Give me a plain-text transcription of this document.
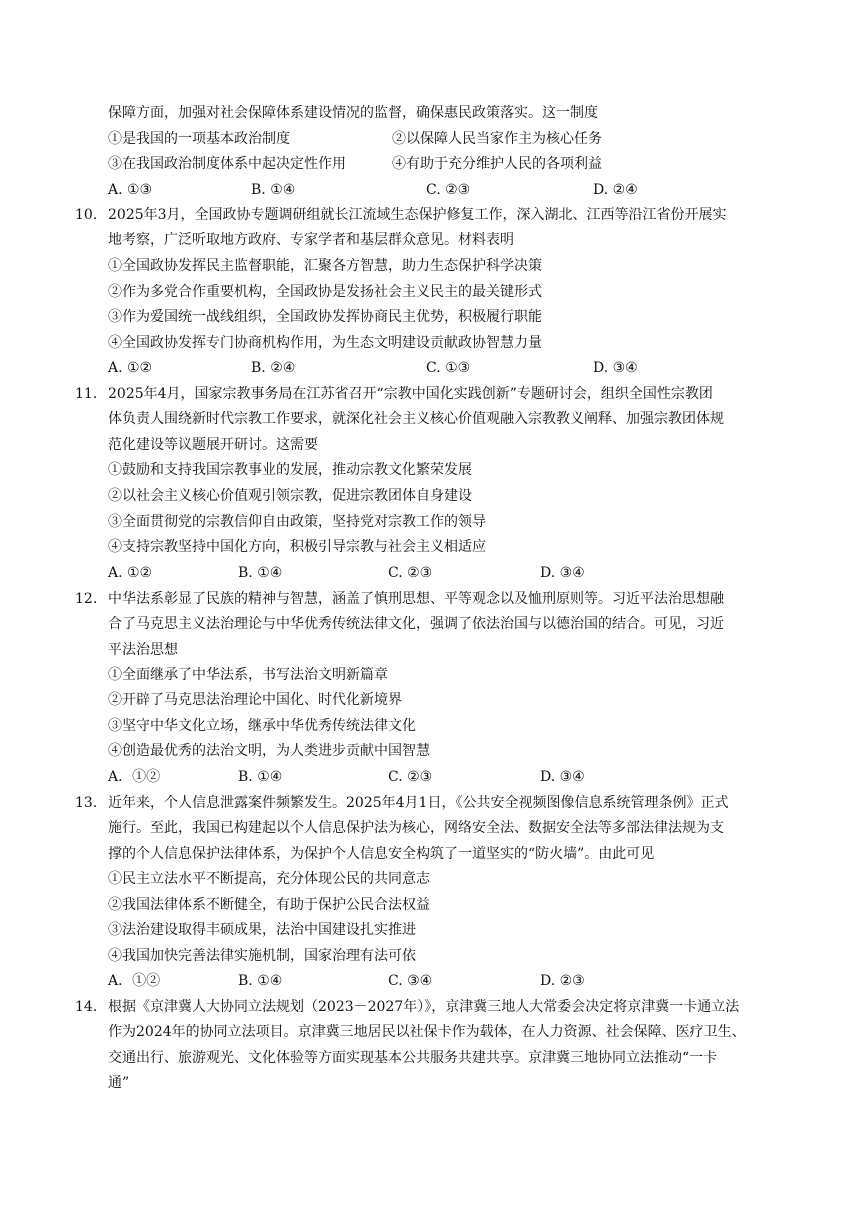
保障方面，加强对社会保障体系建设情况的监督，确保惠民政策落实。这一制度
①是我国的一项基本政治制度	②以保障人民当家作主为核心任务
③在我国政治制度体系中起决定性作用	④有助于充分维护人民的各项利益
A. ①③	B. ①④	C. ②③	D. ②④
10. 2025年3月，全国政协专题调研组就长江流域生态保护修复工作，深入湖北、江西等沿江省份开展实
地考察，广泛听取地方政府、专家学者和基层群众意见。材料表明
①全国政协发挥民主监督职能，汇聚各方智慧，助力生态保护科学决策
②作为多党合作重要机构，全国政协是发扬社会主义民主的最关键形式
③作为爱国统一战线组织，全国政协发挥协商民主优势，积极履行职能
④全国政协发挥专门协商机构作用，为生态文明建设贡献政协智慧力量
A. ①②	B. ②④	C. ①③	D. ③④
11. 2025年4月，国家宗教事务局在江苏省召开“宗教中国化实践创新”专题研讨会，组织全国性宗教团
体负责人围绕新时代宗教工作要求，就深化社会主义核心价值观融入宗教教义阐释、加强宗教团体规
范化建设等议题展开研讨。这需要
①鼓励和支持我国宗教事业的发展，推动宗教文化繁荣发展
②以社会主义核心价值观引领宗教，促进宗教团体自身建设
③全面贯彻党的宗教信仰自由政策，坚持党对宗教工作的领导
④支持宗教坚持中国化方向，积极引导宗教与社会主义相适应
A. ①②	B. ①④	C. ②③	D. ③④
12. 中华法系彰显了民族的精神与智慧，涵盖了慎刑思想、平等观念以及恤刑原则等。习近平法治思想融
合了马克思主义法治理论与中华优秀传统法律文化，强调了依法治国与以德治国的结合。可见，习近
平法治思想
①全面继承了中华法系，书写法治文明新篇章
②开辟了马克思法治理论中国化、时代化新境界
③坚守中华文化立场，继承中华优秀传统法律文化
④创造最优秀的法治文明，为人类进步贡献中国智慧
A．①②	B. ①④	C. ②③	D. ③④
13. 近年来，个人信息泄露案件频繁发生。2025年4月1日，《公共安全视频图像信息系统管理条例》正式
施行。至此，我国已构建起以个人信息保护法为核心，网络安全法、数据安全法等多部法律法规为支
撑的个人信息保护法律体系，为保护个人信息安全构筑了一道坚实的“防火墙”。由此可见
①民主立法水平不断提高，充分体现公民的共同意志
②我国法律体系不断健全，有助于保护公民合法权益
③法治建设取得丰硕成果，法治中国建设扎实推进
④我国加快完善法律实施机制，国家治理有法可依
A．①②	B. ①④	C. ③④	D. ②③
14. 根据《京津冀人大协同立法规划（2023－2027年）》，京津冀三地人大常委会决定将京津冀一卡通立法
作为2024年的协同立法项目。京津冀三地居民以社保卡作为载体，在人力资源、社会保障、医疗卫生、
交通出行、旅游观光、文化体验等方面实现基本公共服务共建共享。京津冀三地协同立法推动“一卡
通”
